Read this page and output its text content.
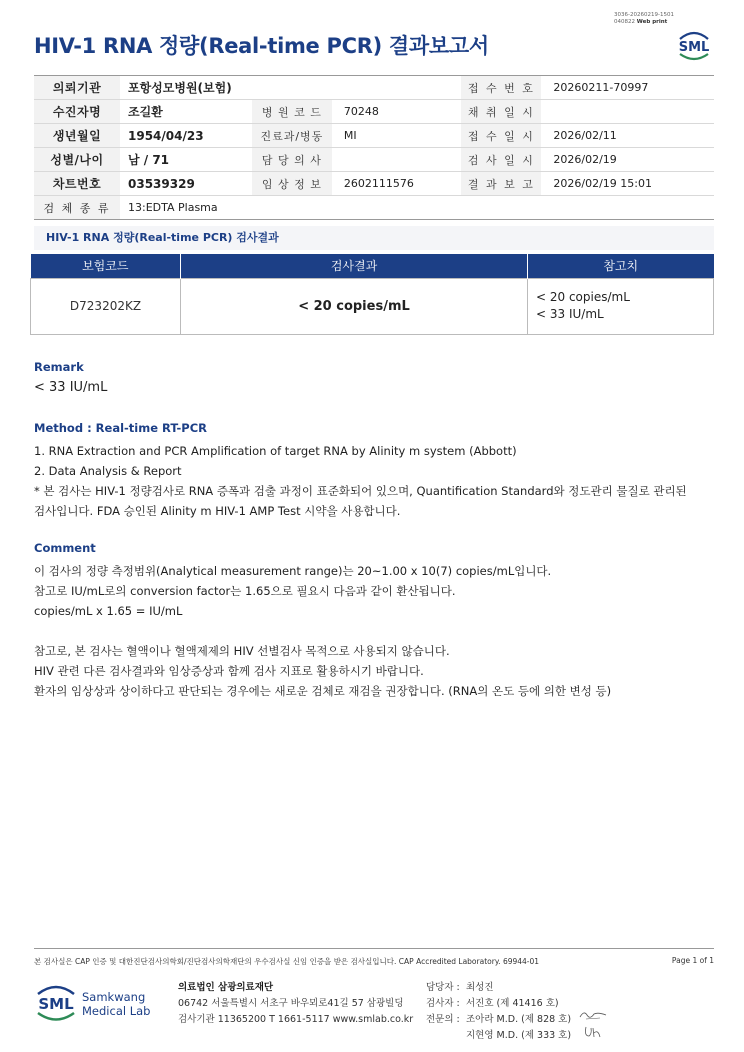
3036-20260219-1501
040822 Web print
HIV-1 RNA 정량(Real-time PCR) 결과보고서	SML
의뢰기관	포항성모병원(보험)			접 수 번 호	20260211-70997
수진자명	조길환	병 원 코 드	70248	채 취 일 시	
생년월일	1954/04/23	진료과/병동	MI	접 수 일 시	2026/02/11
성별/나이	남 / 71	담 당 의 사		검 사 일 시	2026/02/19
차트번호	03539329	임 상 정 보	2602111576	결 과 보 고	2026/02/19 15:01
검 체 종 류	13:EDTA Plasma				
HIV-1 RNA 정량(Real-time PCR) 검사결과
보험코드	검사결과	참고치
D723202KZ	< 20 copies/mL	< 20 copies/mL
< 33 IU/mL
Remark
< 33 IU/mL
Method : Real-time RT-PCR

1. RNA Extraction and PCR Amplification of target RNA by Alinity m system (Abbott)

2. Data Analysis & Report

* 본 검사는 HIV-1 정량검사로 RNA 증폭과 검출 과정이 표준화되어 있으며, Quantification Standard와 정도관리 물질로 관리된

검사입니다. FDA 승인된 Alinity m HIV-1 AMP Test 시약을 사용합니다.

Comment

이 검사의 정량 측정범위(Analytical measurement range)는 20~1.00 x 10(7) copies/mL입니다.

참고로 IU/mL로의 conversion factor는 1.65으로 필요시 다음과 같이 환산됩니다.

copies/mL x 1.65 = IU/mL

참고로, 본 검사는 혈액이나 혈액제제의 HIV 선별검사 목적으로 사용되지 않습니다.

HIV 관련 다른 검사결과와 임상증상과 함께 검사 지표로 활용하시기 바랍니다.

환자의 임상상과 상이하다고 판단되는 경우에는 새로운 검체로 재검을 권장합니다. (RNA의 온도 등에 의한 변성 등)

본 검사실은 CAP 인증 및 대한진단검사의학회/진단검사의학재단의 우수검사실 신임 인증을 받은 검사실입니다. CAP Accredited Laboratory. 69944-01	Page 1 of 1
SML Samkwang
Medical Lab
의료법인 삼광의료재단
06742 서울특별시 서초구 바우뫼로41길 57 삼광빌딩
검사기관 11365200 T 1661-5117 www.smlab.co.kr
담당자 : 최성진
검사자 : 서진호 (제 41416 호)
전문의 : 조아라 M.D. (제 828 호)
지현영 M.D. (제 333 호)
